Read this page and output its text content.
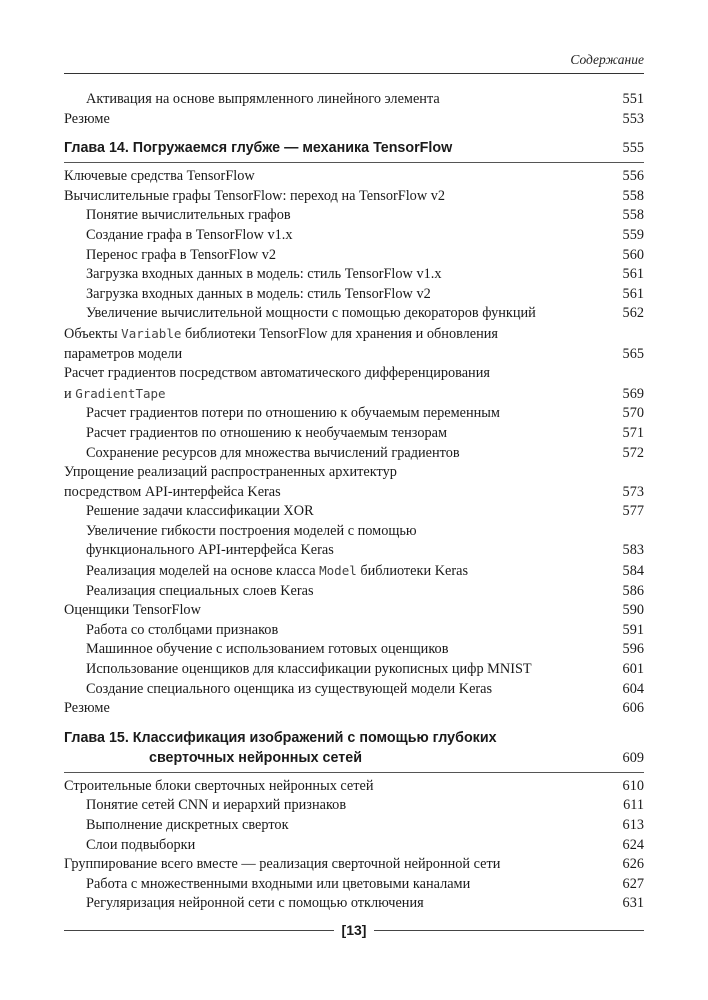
Содержание
Активация на основе выпрямленного линейного элемента	551
Резюме	553
Глава 14. Погружаемся глубже — механика TensorFlow	555
Ключевые средства TensorFlow	556
Вычислительные графы TensorFlow: переход на TensorFlow v2	558
Понятие вычислительных графов	558
Создание графа в TensorFlow v1.x	559
Перенос графа в TensorFlow v2	560
Загрузка входных данных в модель: стиль TensorFlow v1.x	561
Загрузка входных данных в модель: стиль TensorFlow v2	561
Увеличение вычислительной мощности с помощью декораторов функций	562
Объекты Variable библиотеки TensorFlow для хранения и обновления
параметров модели	565
Расчет градиентов посредством автоматического дифференцирования
и GradientTape	569
Расчет градиентов потери по отношению к обучаемым переменным	570
Расчет градиентов по отношению к необучаемым тензорам	571
Сохранение ресурсов для множества вычислений градиентов	572
Упрощение реализаций распространенных архитектур
посредством API-интерфейса Keras	573
Решение задачи классификации XOR	577
Увеличение гибкости построения моделей с помощью
функционального API-интерфейса Keras	583
Реализация моделей на основе класса Model библиотеки Keras	584
Реализация специальных слоев Keras	586
Оценщики TensorFlow	590
Работа со столбцами признаков	591
Машинное обучение с использованием готовых оценщиков	596
Использование оценщиков для классификации рукописных цифр MNIST	601
Создание специального оценщика из существующей модели Keras	604
Резюме	606
Глава 15. Классификация изображений с помощью глубоких
сверточных нейронных сетей	609
Строительные блоки сверточных нейронных сетей	610
Понятие сетей CNN и иерархий признаков	611
Выполнение дискретных сверток	613
Слои подвыборки	624
Группирование всего вместе — реализация сверточной нейронной сети	626
Работа с множественными входными или цветовыми каналами	627
Регуляризация нейронной сети с помощью отключения	631
[13]
